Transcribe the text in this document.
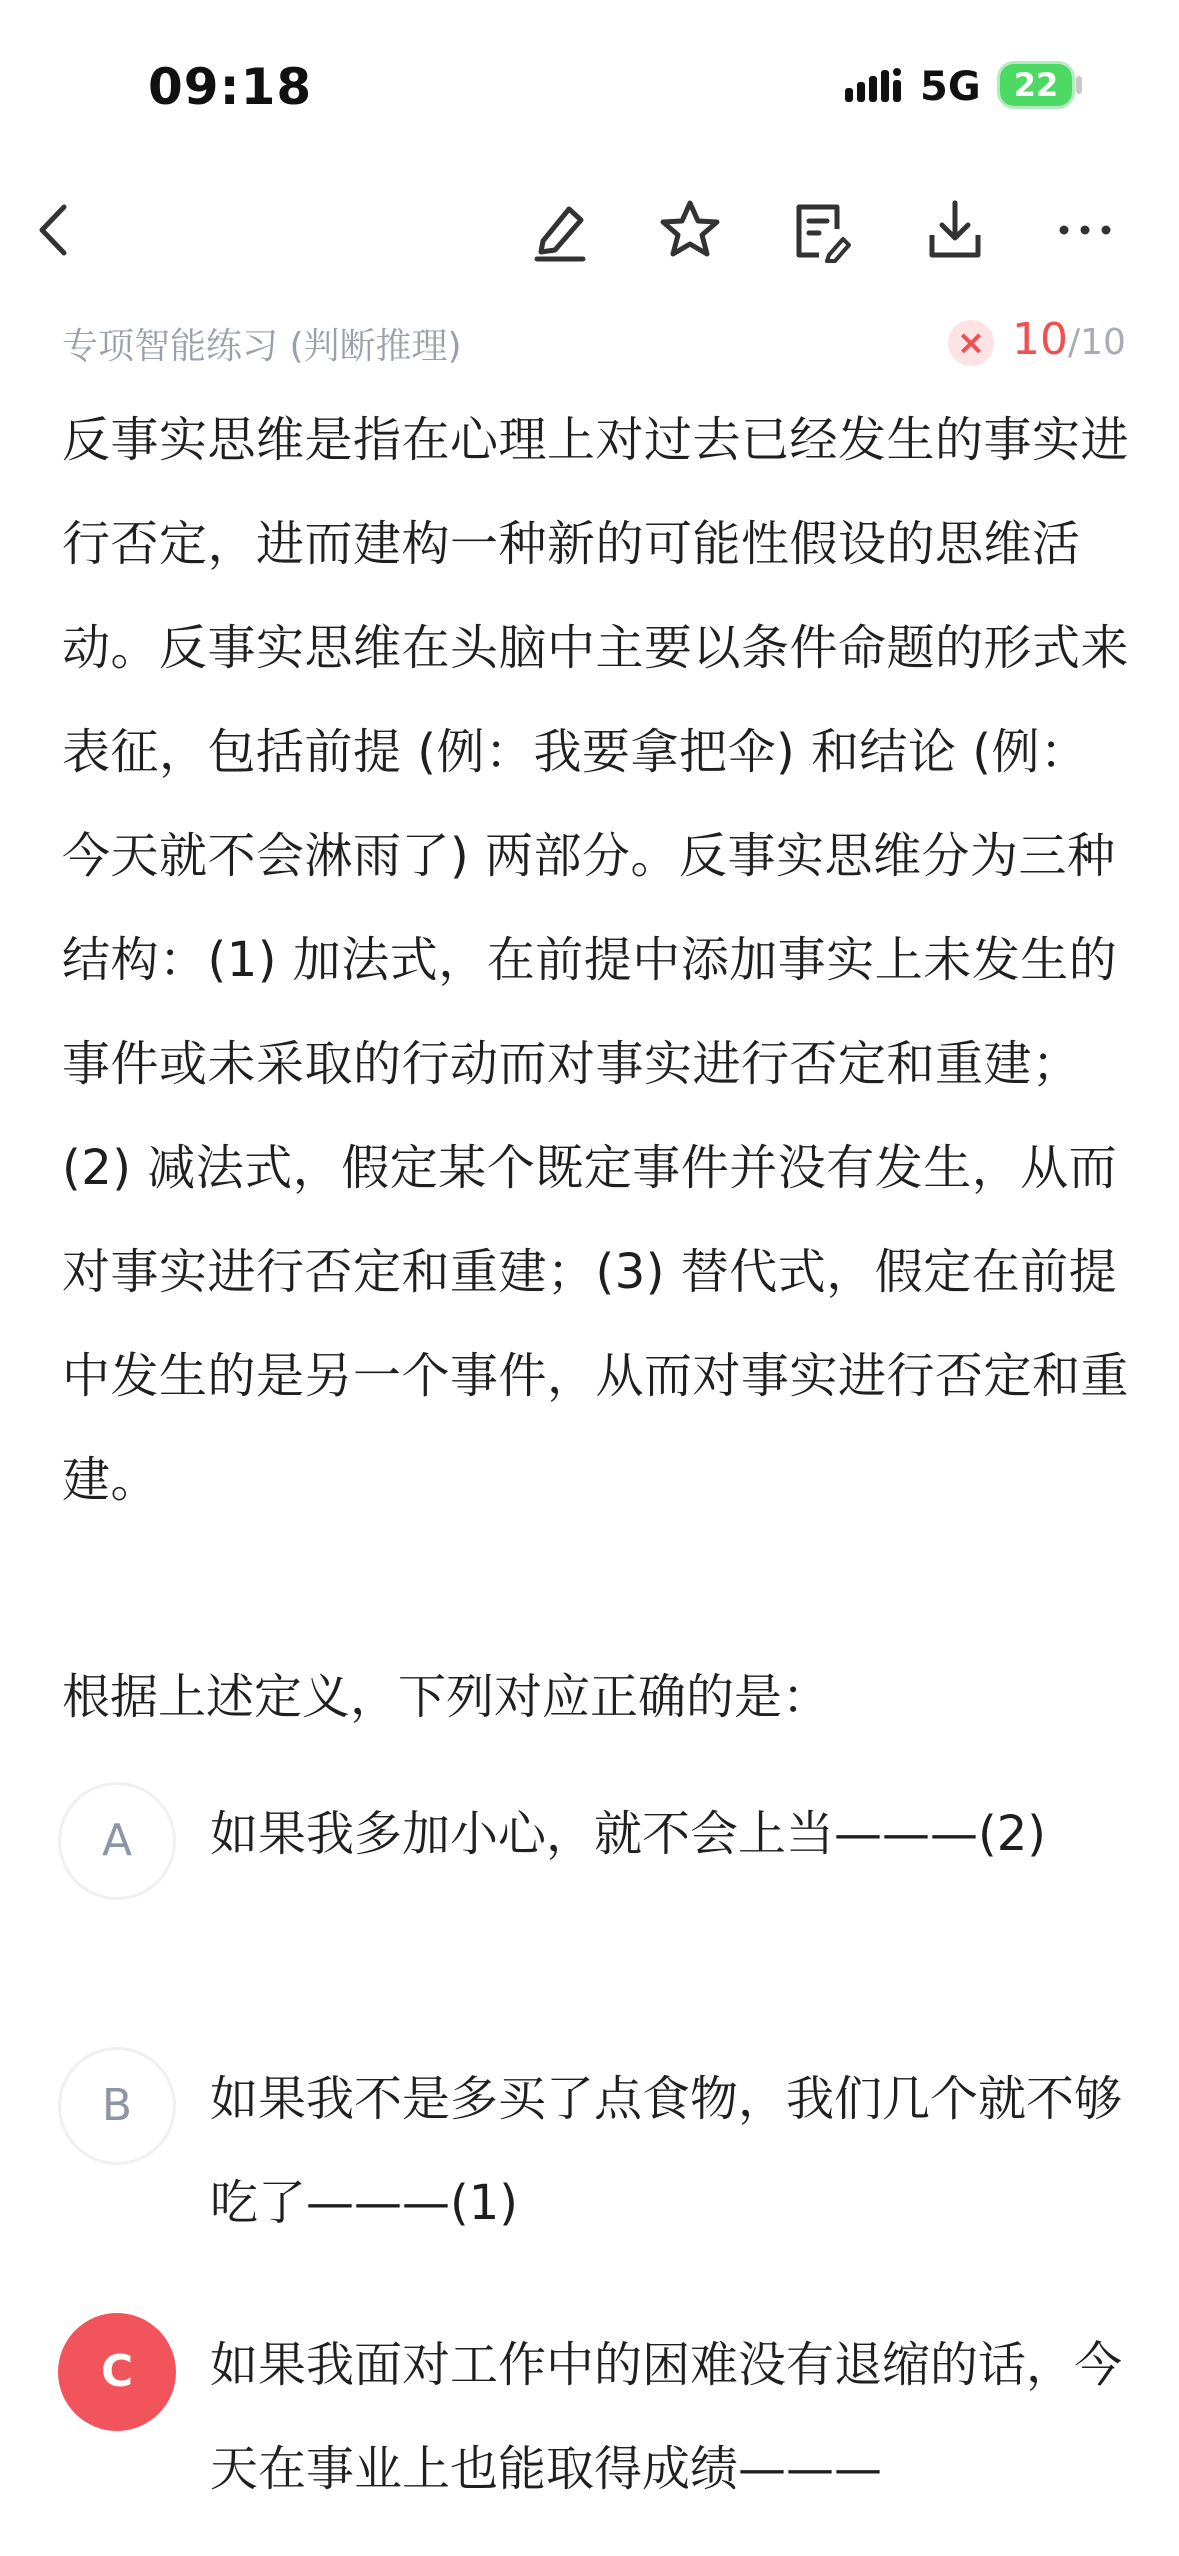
09:18	5G	22
专项智能练习 (判断推理)	× 10/10

反事实思维是指在心理上对过去已经发生的事实进行否定，进而建构一种新的可能性假设的思维活动。反事实思维在头脑中主要以条件命题的形式来表征，包括前提 (例：我要拿把伞) 和结论 (例：今天就不会淋雨了) 两部分。反事实思维分为三种结构：(1) 加法式，在前提中添加事实上未发生的事件或未采取的行动而对事实进行否定和重建；(2) 减法式，假定某个既定事件并没有发生，从而对事实进行否定和重建；(3) 替代式，假定在前提中发生的是另一个事件，从而对事实进行否定和重建。

根据上述定义，下列对应正确的是：

A	如果我多加小心，就不会上当———(2)

B	如果我不是多买了点食物，我们几个就不够吃了———(1)

C	如果我面对工作中的困难没有退缩的话，今天在事业上也能取得成绩———
